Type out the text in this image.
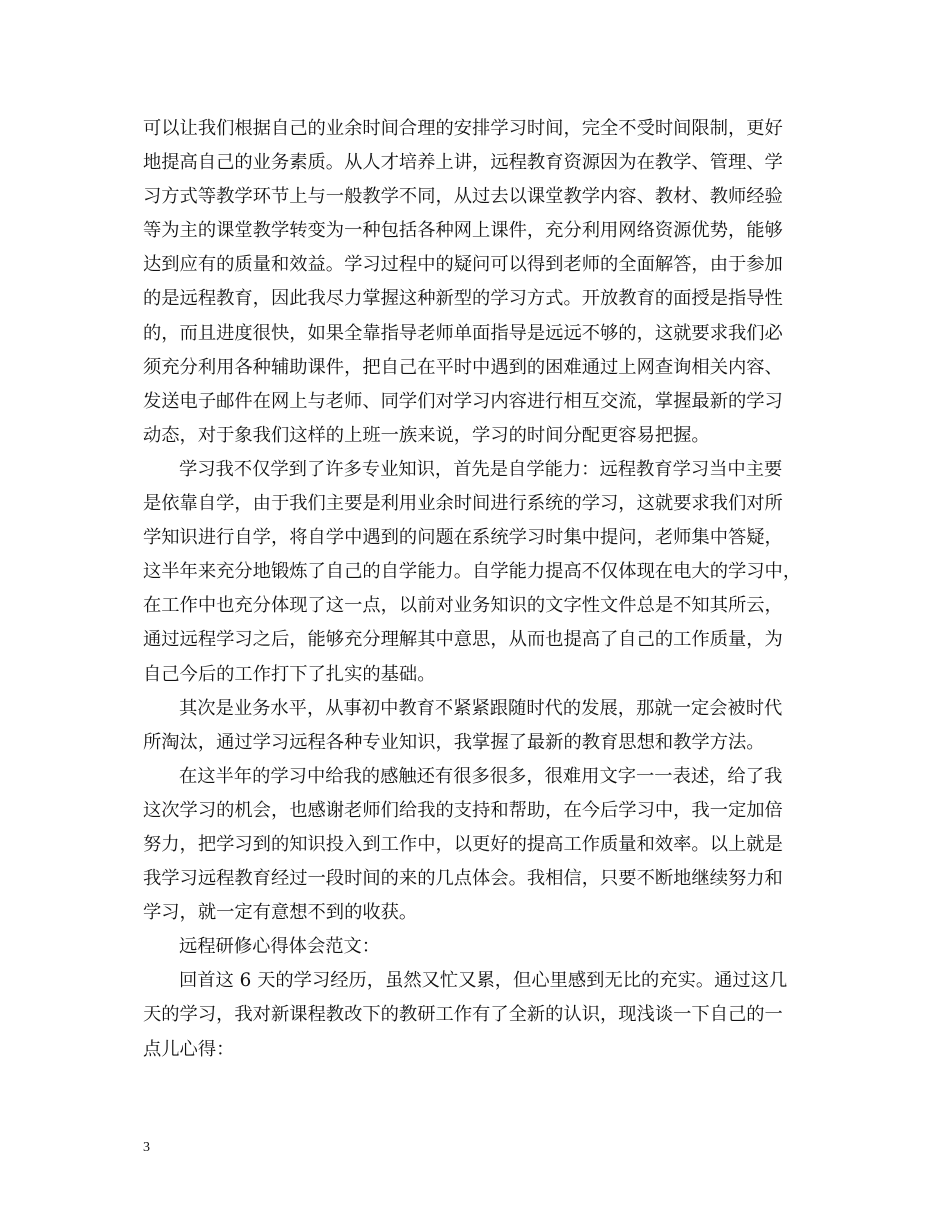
可以让我们根据自己的业余时间合理的安排学习时间，完全不受时间限制，更好
地提高自己的业务素质。从人才培养上讲，远程教育资源因为在教学、管理、学
习方式等教学环节上与一般教学不同，从过去以课堂教学内容、教材、教师经验
等为主的课堂教学转变为一种包括各种网上课件，充分利用网络资源优势，能够
达到应有的质量和效益。学习过程中的疑问可以得到老师的全面解答，由于参加
的是远程教育，因此我尽力掌握这种新型的学习方式。开放教育的面授是指导性
的，而且进度很快，如果全靠指导老师单面指导是远远不够的，这就要求我们必
须充分利用各种辅助课件，把自己在平时中遇到的困难通过上网查询相关内容、
发送电子邮件在网上与老师、同学们对学习内容进行相互交流，掌握最新的学习
动态，对于象我们这样的上班一族来说，学习的时间分配更容易把握。
学习我不仅学到了许多专业知识，首先是自学能力：远程教育学习当中主要
是依靠自学，由于我们主要是利用业余时间进行系统的学习，这就要求我们对所
学知识进行自学，将自学中遇到的问题在系统学习时集中提问，老师集中答疑，
这半年来充分地锻炼了自己的自学能力。自学能力提高不仅体现在电大的学习中，
在工作中也充分体现了这一点，以前对业务知识的文字性文件总是不知其所云，
通过远程学习之后，能够充分理解其中意思，从而也提高了自己的工作质量，为
自己今后的工作打下了扎实的基础。
其次是业务水平，从事初中教育不紧紧跟随时代的发展，那就一定会被时代
所淘汰，通过学习远程各种专业知识，我掌握了最新的教育思想和教学方法。
在这半年的学习中给我的感触还有很多很多，很难用文字一一表述，给了我
这次学习的机会，也感谢老师们给我的支持和帮助，在今后学习中，我一定加倍
努力，把学习到的知识投入到工作中，以更好的提高工作质量和效率。以上就是
我学习远程教育经过一段时间的来的几点体会。我相信，只要不断地继续努力和
学习，就一定有意想不到的收获。
远程研修心得体会范文：
回首这 6 天的学习经历，虽然又忙又累，但心里感到无比的充实。通过这几
天的学习，我对新课程教改下的教研工作有了全新的认识，现浅谈一下自己的一
点儿心得：
3
